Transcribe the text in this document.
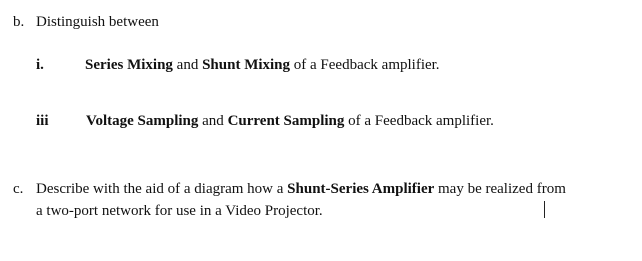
b. Distinguish between
i.	Series Mixing and Shunt Mixing of a Feedback amplifier.
iii Voltage Sampling and Current Sampling of a Feedback amplifier.
c. Describe with the aid of a diagram how a Shunt-Series Amplifier may be realized from
a two-port network for use in a Video Projector.
